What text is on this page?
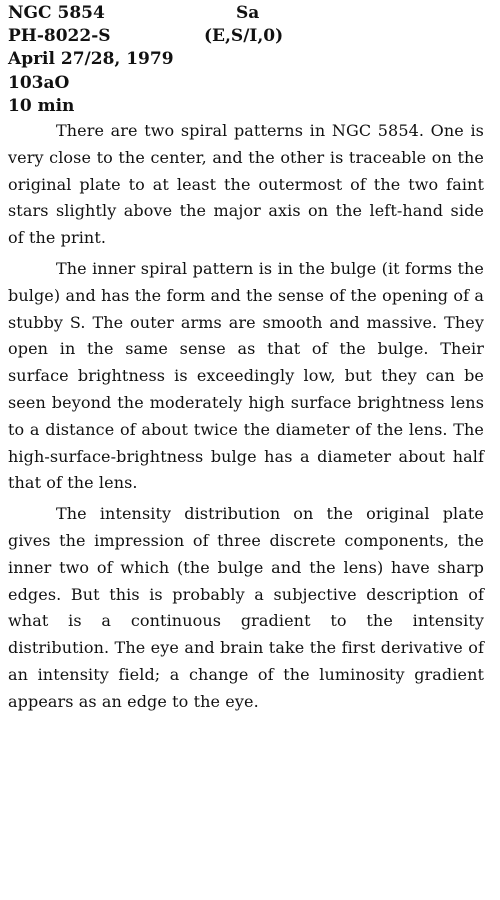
NGC 5854	Sa
PH-8022-S	(E,S/I,0)
April 27/28, 1979
103aO
10 min

There are two spiral patterns in NGC 5854. One is very close to the center, and the other is traceable on the original plate to at least the outermost of the two faint stars slightly above the major axis on the left-hand side of the print.

The inner spiral pattern is in the bulge (it forms the bulge) and has the form and the sense of the opening of a stubby S. The outer arms are smooth and massive. They open in the same sense as that of the bulge. Their surface brightness is exceedingly low, but they can be seen beyond the moderately high surface brightness lens to a distance of about twice the diameter of the lens. The high-surface-brightness bulge has a diameter about half that of the lens.

The intensity distribution on the original plate gives the impression of three discrete components, the inner two of which (the bulge and the lens) have sharp edges. But this is probably a subjective description of what is a continuous gradient to the intensity distribution. The eye and brain take the first derivative of an intensity field; a change of the luminosity gradient appears as an edge to the eye.
